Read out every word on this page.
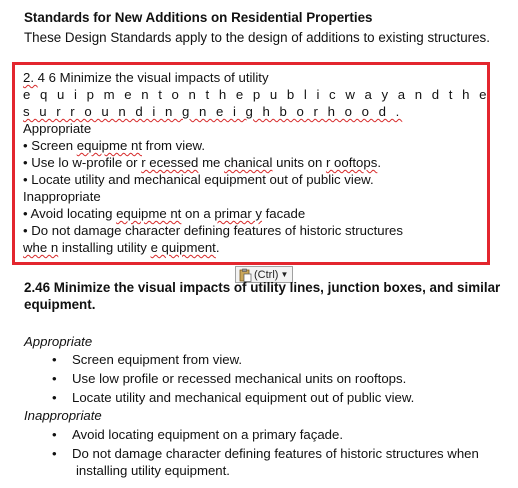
Standards for New Additions on Residential Properties
These Design Standards apply to the design of additions to existing structures.
2. 4 6 Minimize the visual impacts of utility
e q u i p m e n t o n t h e p u b l i c w a y a n d t h e
s u r r o u n d i n g n e i g h b o r h o o d .
Appropriate
• Screen equipme nt from view.
• Use lo w-profile or r ecessed me chanical units on r ooftops.
• Locate utility and mechanical equipment out of public view.
Inappropriate
• Avoid locating equipme nt on a primar y facade
• Do not damage character defining features of historic structures
whe n installing utility e quipment.
(Ctrl) ▼
2.46 Minimize the visual impacts of utility lines, junction boxes, and similar equipment.
Appropriate
• Screen equipment from view.
• Use low profile or recessed mechanical units on rooftops.
• Locate utility and mechanical equipment out of public view.
Inappropriate
• Avoid locating equipment on a primary façade.
• Do not damage character defining features of historic structures when
installing utility equipment.
